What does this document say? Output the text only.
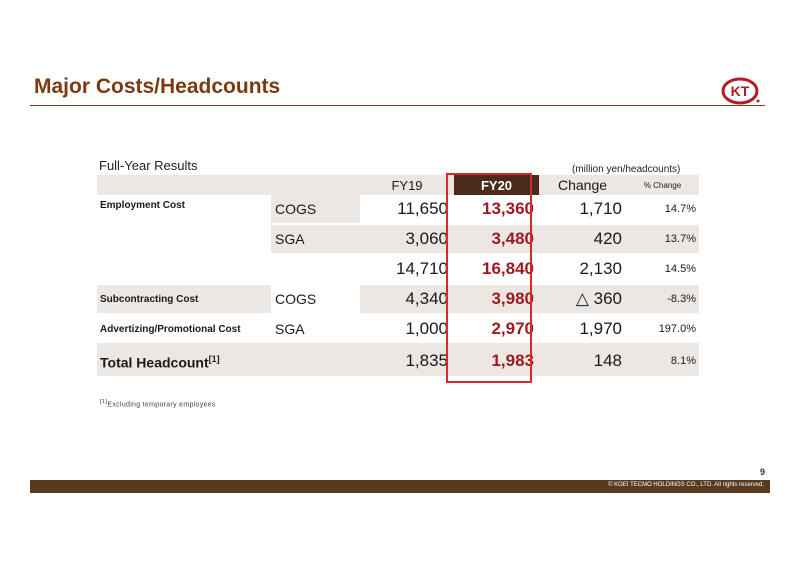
Major Costs/Headcounts	KT
Full-Year Results	(million yen/headcounts)
		FY19	FY20	Change	% Change
Employment Cost	COGS	11,650	13,360	1,710	14.7%
	SGA	3,060	3,480	420	13.7%
		14,710	16,840	2,130	14.5%
Subcontracting Cost	COGS	4,340	3,980	△ 360	-8.3%
Advertizing/Promotional Cost	SGA	1,000	2,970	1,970	197.0%
Total Headcount[1]		1,835	1,983	148	8.1%
[1]Excluding temporary employees
9
© KOEI TECMO HOLDINGS CO., LTD. All rights reserved.
